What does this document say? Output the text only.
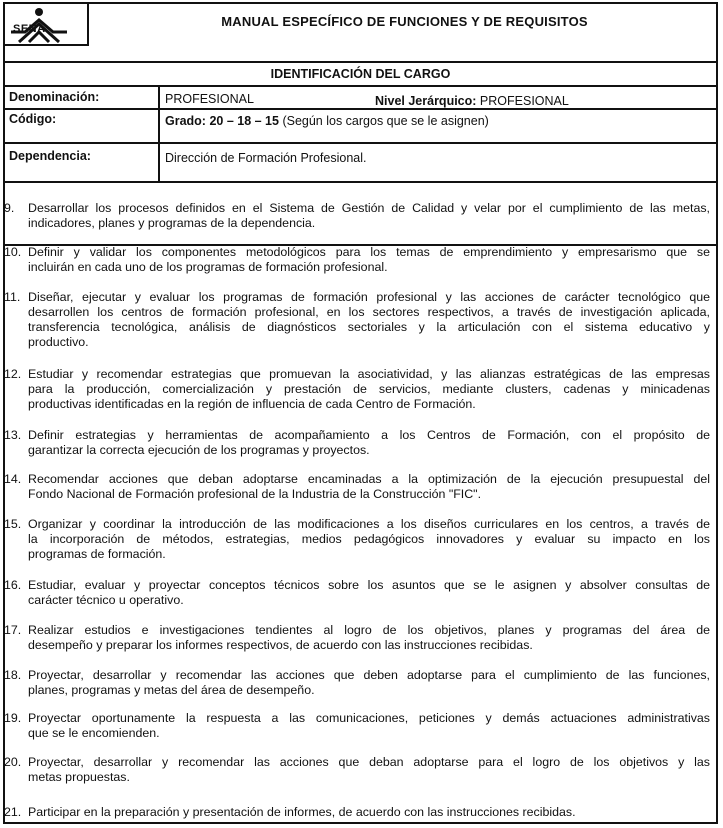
SENA	MANUAL ESPECÍFICO DE FUNCIONES Y DE REQUISITOS
IDENTIFICACIÓN DEL CARGO
Denominación:	PROFESIONAL	Nivel Jerárquico: PROFESIONAL
Código:	Grado: 20 – 18 – 15 (Según los cargos que se le asignen)
Dependencia:	Dirección de Formación Profesional.
9. Desarrollar los procesos definidos en el Sistema de Gestión de Calidad y velar por el cumplimiento de las metas,
indicadores, planes y programas de la dependencia.
10. Definir y validar los componentes metodológicos para los temas de emprendimiento y empresarismo que se
incluirán en cada uno de los programas de formación profesional.
11. Diseñar, ejecutar y evaluar los programas de formación profesional y las acciones de carácter tecnológico que
desarrollen los centros de formación profesional, en los sectores respectivos, a través de investigación aplicada,
transferencia tecnológica, análisis de diagnósticos sectoriales y la articulación con el sistema educativo y
productivo.
12. Estudiar y recomendar estrategias que promuevan la asociatividad, y las alianzas estratégicas de las empresas
para la producción, comercialización y prestación de servicios, mediante clusters, cadenas y minicadenas
productivas identificadas en la región de influencia de cada Centro de Formación.
13. Definir estrategias y herramientas de acompañamiento a los Centros de Formación, con el propósito de
garantizar la correcta ejecución de los programas y proyectos.
14. Recomendar acciones que deban adoptarse encaminadas a la optimización de la ejecución presupuestal del
Fondo Nacional de Formación profesional de la Industria de la Construcción "FIC".
15. Organizar y coordinar la introducción de las modificaciones a los diseños curriculares en los centros, a través de
la incorporación de métodos, estrategias, medios pedagógicos innovadores y evaluar su impacto en los
programas de formación.
16. Estudiar, evaluar y proyectar conceptos técnicos sobre los asuntos que se le asignen y absolver consultas de
carácter técnico u operativo.
17. Realizar estudios e investigaciones tendientes al logro de los objetivos, planes y programas del área de
desempeño y preparar los informes respectivos, de acuerdo con las instrucciones recibidas.
18. Proyectar, desarrollar y recomendar las acciones que deben adoptarse para el cumplimiento de las funciones,
planes, programas y metas del área de desempeño.
19. Proyectar oportunamente la respuesta a las comunicaciones, peticiones y demás actuaciones administrativas
que se le encomienden.
20. Proyectar, desarrollar y recomendar las acciones que deban adoptarse para el logro de los objetivos y las
metas propuestas.
21. Participar en la preparación y presentación de informes, de acuerdo con las instrucciones recibidas.
